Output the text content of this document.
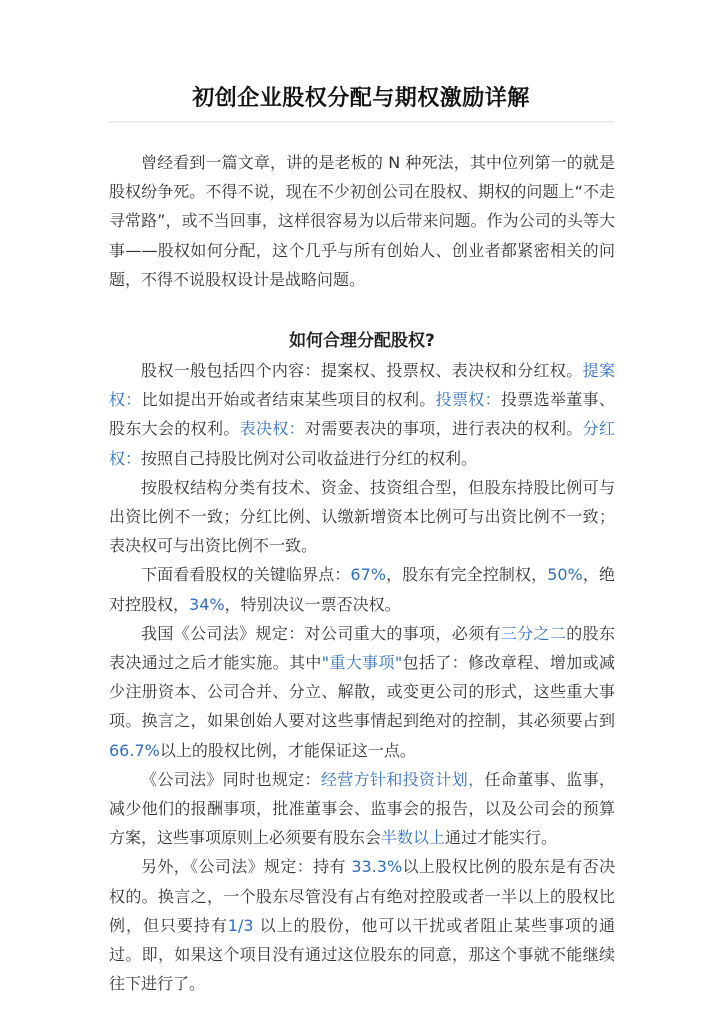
初创企业股权分配与期权激励详解

曾经看到一篇文章，讲的是老板的 N 种死法，其中位列第一的就是股权纷争死。不得不说，现在不少初创公司在股权、期权的问题上“不走寻常路”，或不当回事，这样很容易为以后带来问题。作为公司的头等大事——股权如何分配，这个几乎与所有创始人、创业者都紧密相关的问题，不得不说股权设计是战略问题。

如何合理分配股权?

股权一般包括四个内容：提案权、投票权、表决权和分红权。提案权：比如提出开始或者结束某些项目的权利。投票权：投票选举董事、股东大会的权利。表决权：对需要表决的事项，进行表决的权利。分红权：按照自己持股比例对公司收益进行分红的权利。

按股权结构分类有技术、资金、技资组合型，但股东持股比例可与出资比例不一致；分红比例、认缴新增资本比例可与出资比例不一致；表决权可与出资比例不一致。

下面看看股权的关键临界点：67%，股东有完全控制权，50%，绝对控股权，34%，特别决议一票否决权。

我国《公司法》规定：对公司重大的事项，必须有三分之二的股东表决通过之后才能实施。其中"重大事项"包括了：修改章程、增加或减少注册资本、公司合并、分立、解散，或变更公司的形式，这些重大事项。换言之，如果创始人要对这些事情起到绝对的控制，其必须要占到 66.7%以上的股权比例，才能保证这一点。

《公司法》同时也规定：经营方针和投资计划，任命董事、监事，减少他们的报酬事项，批准董事会、监事会的报告，以及公司会的预算方案，这些事项原则上必须要有股东会半数以上通过才能实行。

另外，《公司法》规定：持有 33.3%以上股权比例的股东是有否决权的。换言之，一个股东尽管没有占有绝对控股或者一半以上的股权比例，但只要持有1/3 以上的股份，他可以干扰或者阻止某些事项的通过。即，如果这个项目没有通过这位股东的同意，那这个事就不能继续往下进行了。
